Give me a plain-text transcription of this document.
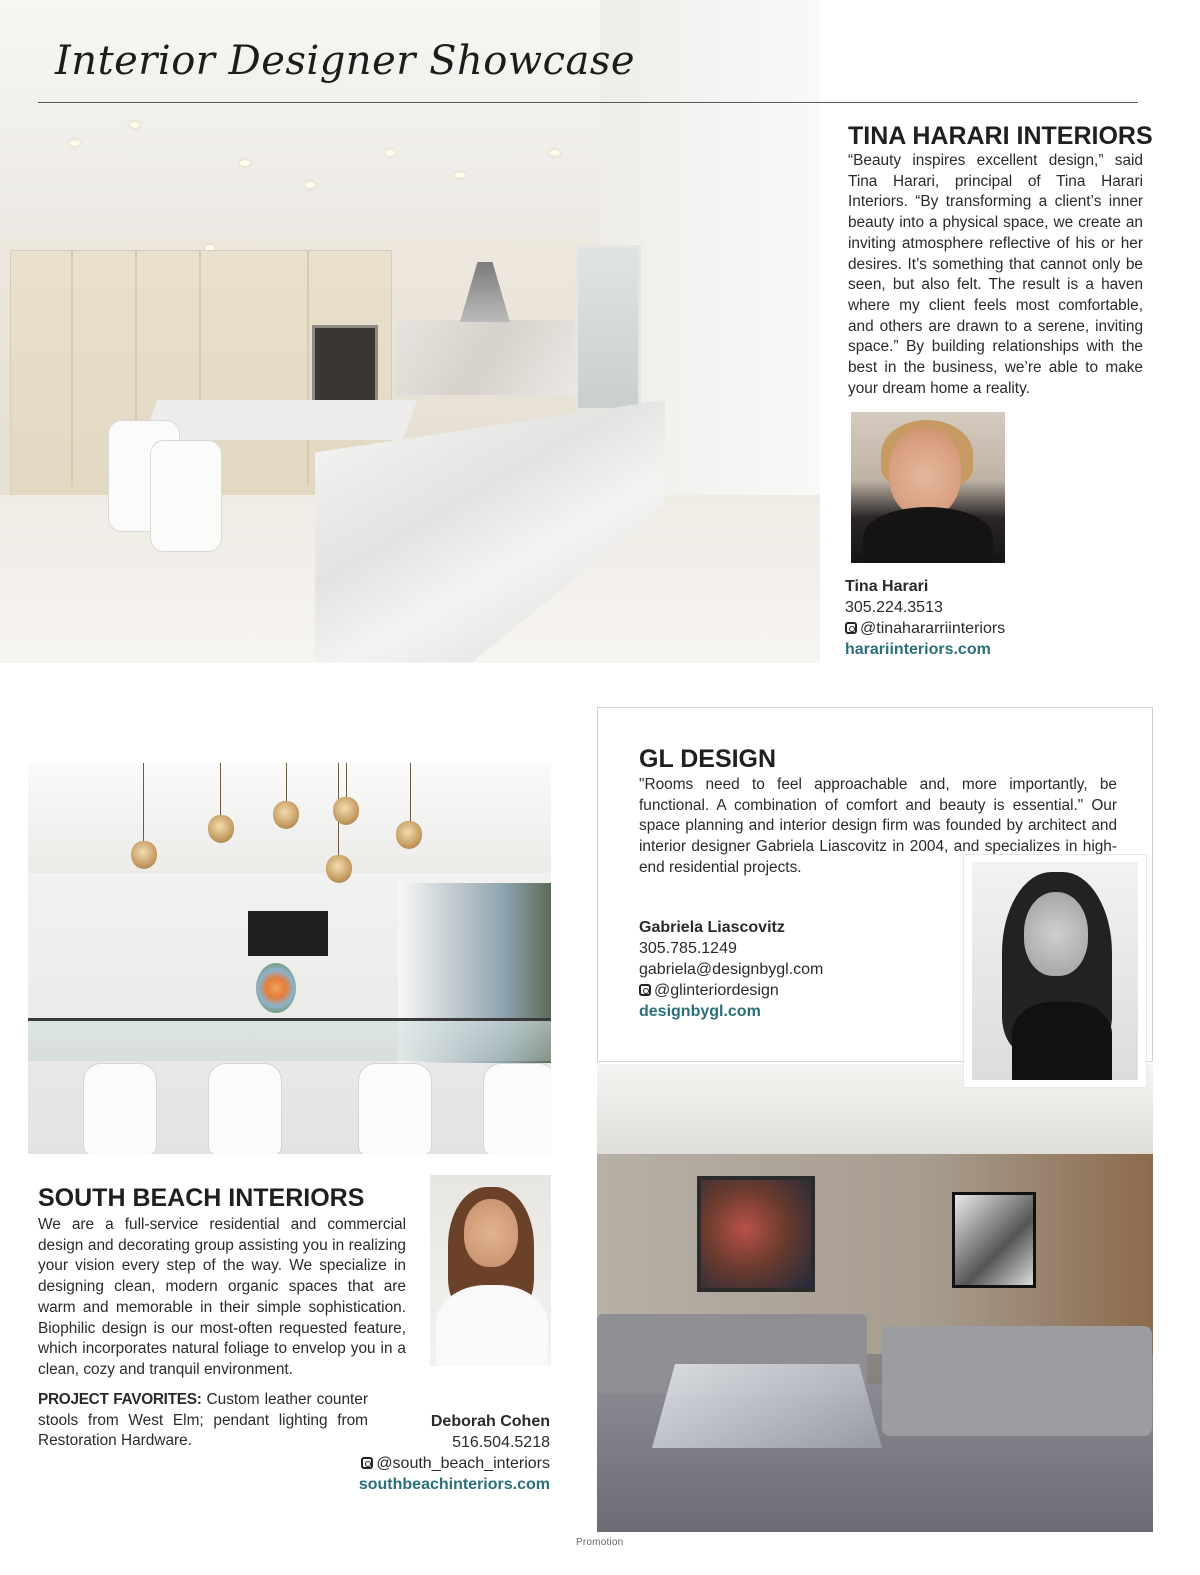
Interior Designer Showcase
TINA HARARI INTERIORS
“Beauty inspires excellent design,” said Tina Harari, principal of Tina Harari Interiors. “By transforming a client’s inner beauty into a physical space, we create an inviting atmosphere reflective of his or her desires. It’s something that cannot only be seen, but also felt. The result is a haven where my client feels most comfortable, and others are drawn to a serene, inviting space.” By building relationships with the best in the business, we’re able to make your dream home a reality.
Tina Harari
305.224.3513
@tinahararriinteriors
harariinteriors.com
GL DESIGN
"Rooms need to feel approachable and, more importantly, be functional. A combination of comfort and beauty is essential." Our space planning and interior design firm was founded by architect and interior designer Gabriela Liascovitz in 2004, and specializes in high-end residential projects.
Gabriela Liascovitz
305.785.1249
gabriela@designbygl.com
@glinteriordesign
designbygl.com
SOUTH BEACH INTERIORS
We are a full-service residential and commercial design and decorating group assisting you in realizing your vision every step of the way. We specialize in designing clean, modern organic spaces that are warm and memorable in their simple sophistication. Biophilic design is our most-often requested feature, which incorporates natural foliage to envelop you in a clean, cozy and tranquil environment.
PROJECT FAVORITES: Custom leather counter stools from West Elm; pendant lighting from Restoration Hardware.
Deborah Cohen
516.504.5218
@south_beach_interiors
southbeachinteriors.com
Promotion
